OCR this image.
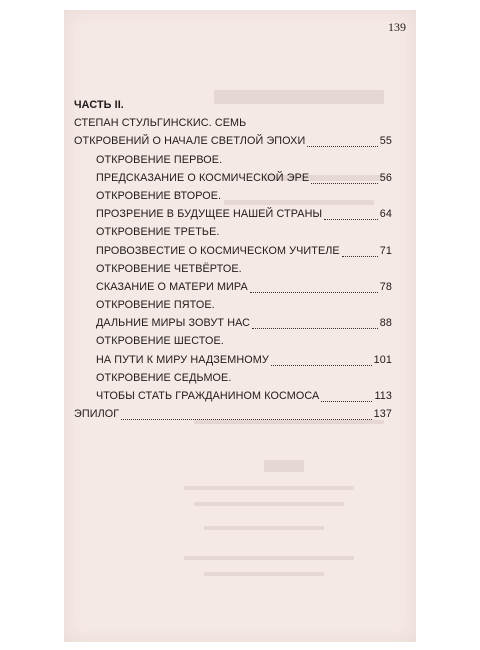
139
ЧАСТЬ II.
СТЕПАН СТУЛЬГИНСКИС. СЕМЬ
ОТКРОВЕНИЙ О НАЧАЛЕ СВЕТЛОЙ ЭПОХИ	55
ОТКРОВЕНИЕ ПЕРВОЕ.
ПРЕДСКАЗАНИЕ О КОСМИЧЕСКОЙ ЭРЕ	56
ОТКРОВЕНИЕ ВТОРОЕ.
ПРОЗРЕНИЕ В БУДУЩЕЕ НАШЕЙ СТРАНЫ	64
ОТКРОВЕНИЕ ТРЕТЬЕ.
ПРОВОЗВЕСТИЕ О КОСМИЧЕСКОМ УЧИТЕЛЕ	71
ОТКРОВЕНИЕ ЧЕТВЁРТОЕ.
СКАЗАНИЕ О МАТЕРИ МИРА	78
ОТКРОВЕНИЕ ПЯТОЕ.
ДАЛЬНИЕ МИРЫ ЗОВУТ НАС	88
ОТКРОВЕНИЕ ШЕСТОЕ.
НА ПУТИ К МИРУ НАДЗЕМНОМУ	101
ОТКРОВЕНИЕ СЕДЬМОЕ.
ЧТОБЫ СТАТЬ ГРАЖДАНИНОМ КОСМОСА	113
ЭПИЛОГ	137
